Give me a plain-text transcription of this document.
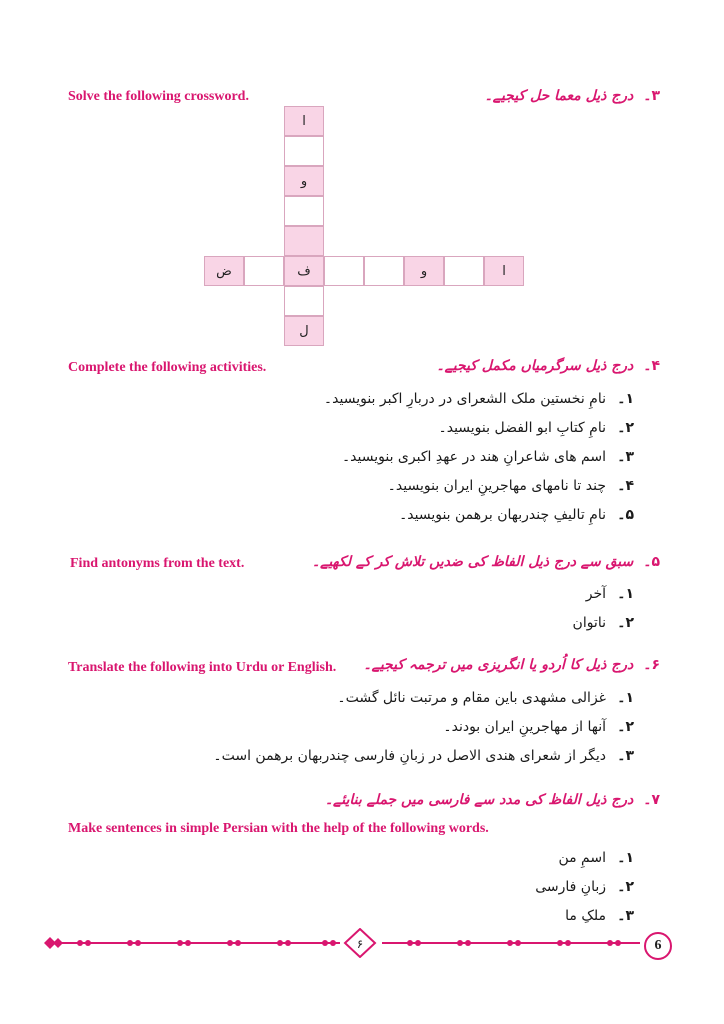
Solve the following crossword.	۳۔درج ذیل معما حل کیجیے۔
ا
و
ف
ل
ا
و
ض
Complete the following activities.	۴۔درج ذیل سرگرمیاں مکمل کیجیے۔
۱۔نامِ نخستین ملک الشعرای در دربارِ اکبر بنویسید۔
۲۔نامِ کتابِ ابو الفضل بنویسید۔
۳۔اسم های شاعرانِ هند در عهدِ اکبری بنویسید۔
۴۔چند تا نامهای مهاجرینِ ایران بنویسید۔
۵۔نامِ تالیفِ چندربهان برهمن بنویسید۔
Find antonyms from the text.	۵۔سبق سے درج ذیل الفاظ کی ضدیں تلاش کر کے لکھیے۔
۱۔آخر
۲۔ناتوان
Translate the following into Urdu or English.	۶۔درج ذیل کا اُردو یا انگریزی میں ترجمہ کیجیے۔
۱۔غزالی مشهدی باین مقام و مرتبت نائل گشت۔
۲۔آنها از مهاجرینِ ایران بودند۔
۳۔دیگر از شعرای هندی الاصل در زبانِ فارسی چندربهان برهمن است۔
۷۔درج ذیل الفاظ کی مدد سے فارسی میں جملے بنایئے۔
Make sentences in simple Persian with the help of the following words.
۱۔اسمِ من
۲۔زبانِ فارسی
۳۔ملکِ ما
۶	6
